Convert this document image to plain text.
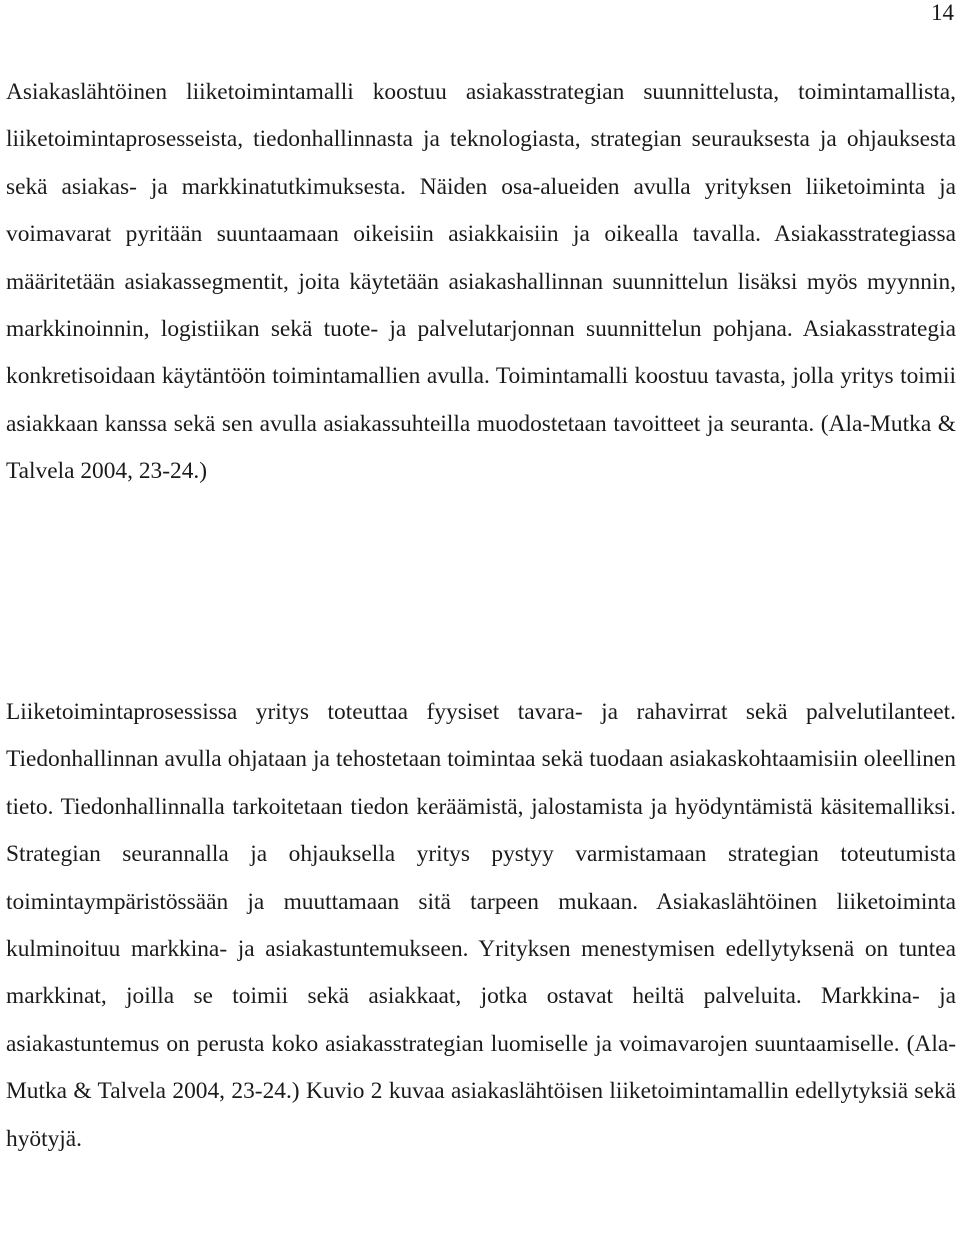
14

Asiakaslähtöinen liiketoimintamalli koostuu asiakasstrategian suunnittelusta, toimintamallista, liiketoimintaprosesseista, tiedonhallinnasta ja teknologiasta, strategian seurauksesta ja ohjauksesta sekä asiakas- ja markkinatutkimuksesta. Näiden osa-alueiden avulla yrityksen liiketoiminta ja voimavarat pyritään suuntaamaan oikeisiin asiakkaisiin ja oikealla tavalla. Asiakasstrategiassa määritetään asiakassegmentit, joita käytetään asiakashallinnan suunnittelun lisäksi myös myynnin, markkinoinnin, logistiikan sekä tuote- ja palvelutarjonnan suunnittelun pohjana. Asiakasstrategia konkretisoidaan käytäntöön toimintamallien avulla. Toimintamalli koostuu tavasta, jolla yritys toimii asiakkaan kanssa sekä sen avulla asiakassuhteilla muodostetaan tavoitteet ja seuranta. (Ala-Mutka & Talvela 2004, 23-24.)

Liiketoimintaprosessissa yritys toteuttaa fyysiset tavara- ja rahavirrat sekä palvelutilanteet. Tiedonhallinnan avulla ohjataan ja tehostetaan toimintaa sekä tuodaan asiakaskohtaamisiin oleellinen tieto. Tiedonhallinnalla tarkoitetaan tiedon keräämistä, jalostamista ja hyödyntämistä käsitemalliksi. Strategian seurannalla ja ohjauksella yritys pystyy varmistamaan strategian toteutumista toimintaympäristössään ja muuttamaan sitä tarpeen mukaan. Asiakaslähtöinen liiketoiminta kulminoituu markkina- ja asiakastuntemukseen. Yrityksen menestymisen edellytyksenä on tuntea markkinat, joilla se toimii sekä asiakkaat, jotka ostavat heiltä palveluita. Markkina- ja asiakastuntemus on perusta koko asiakasstrategian luomiselle ja voimavarojen suuntaamiselle. (Ala-Mutka & Talvela 2004, 23-24.) Kuvio 2 kuvaa asiakaslähtöisen liiketoimintamallin edellytyksiä sekä hyötyjä.
